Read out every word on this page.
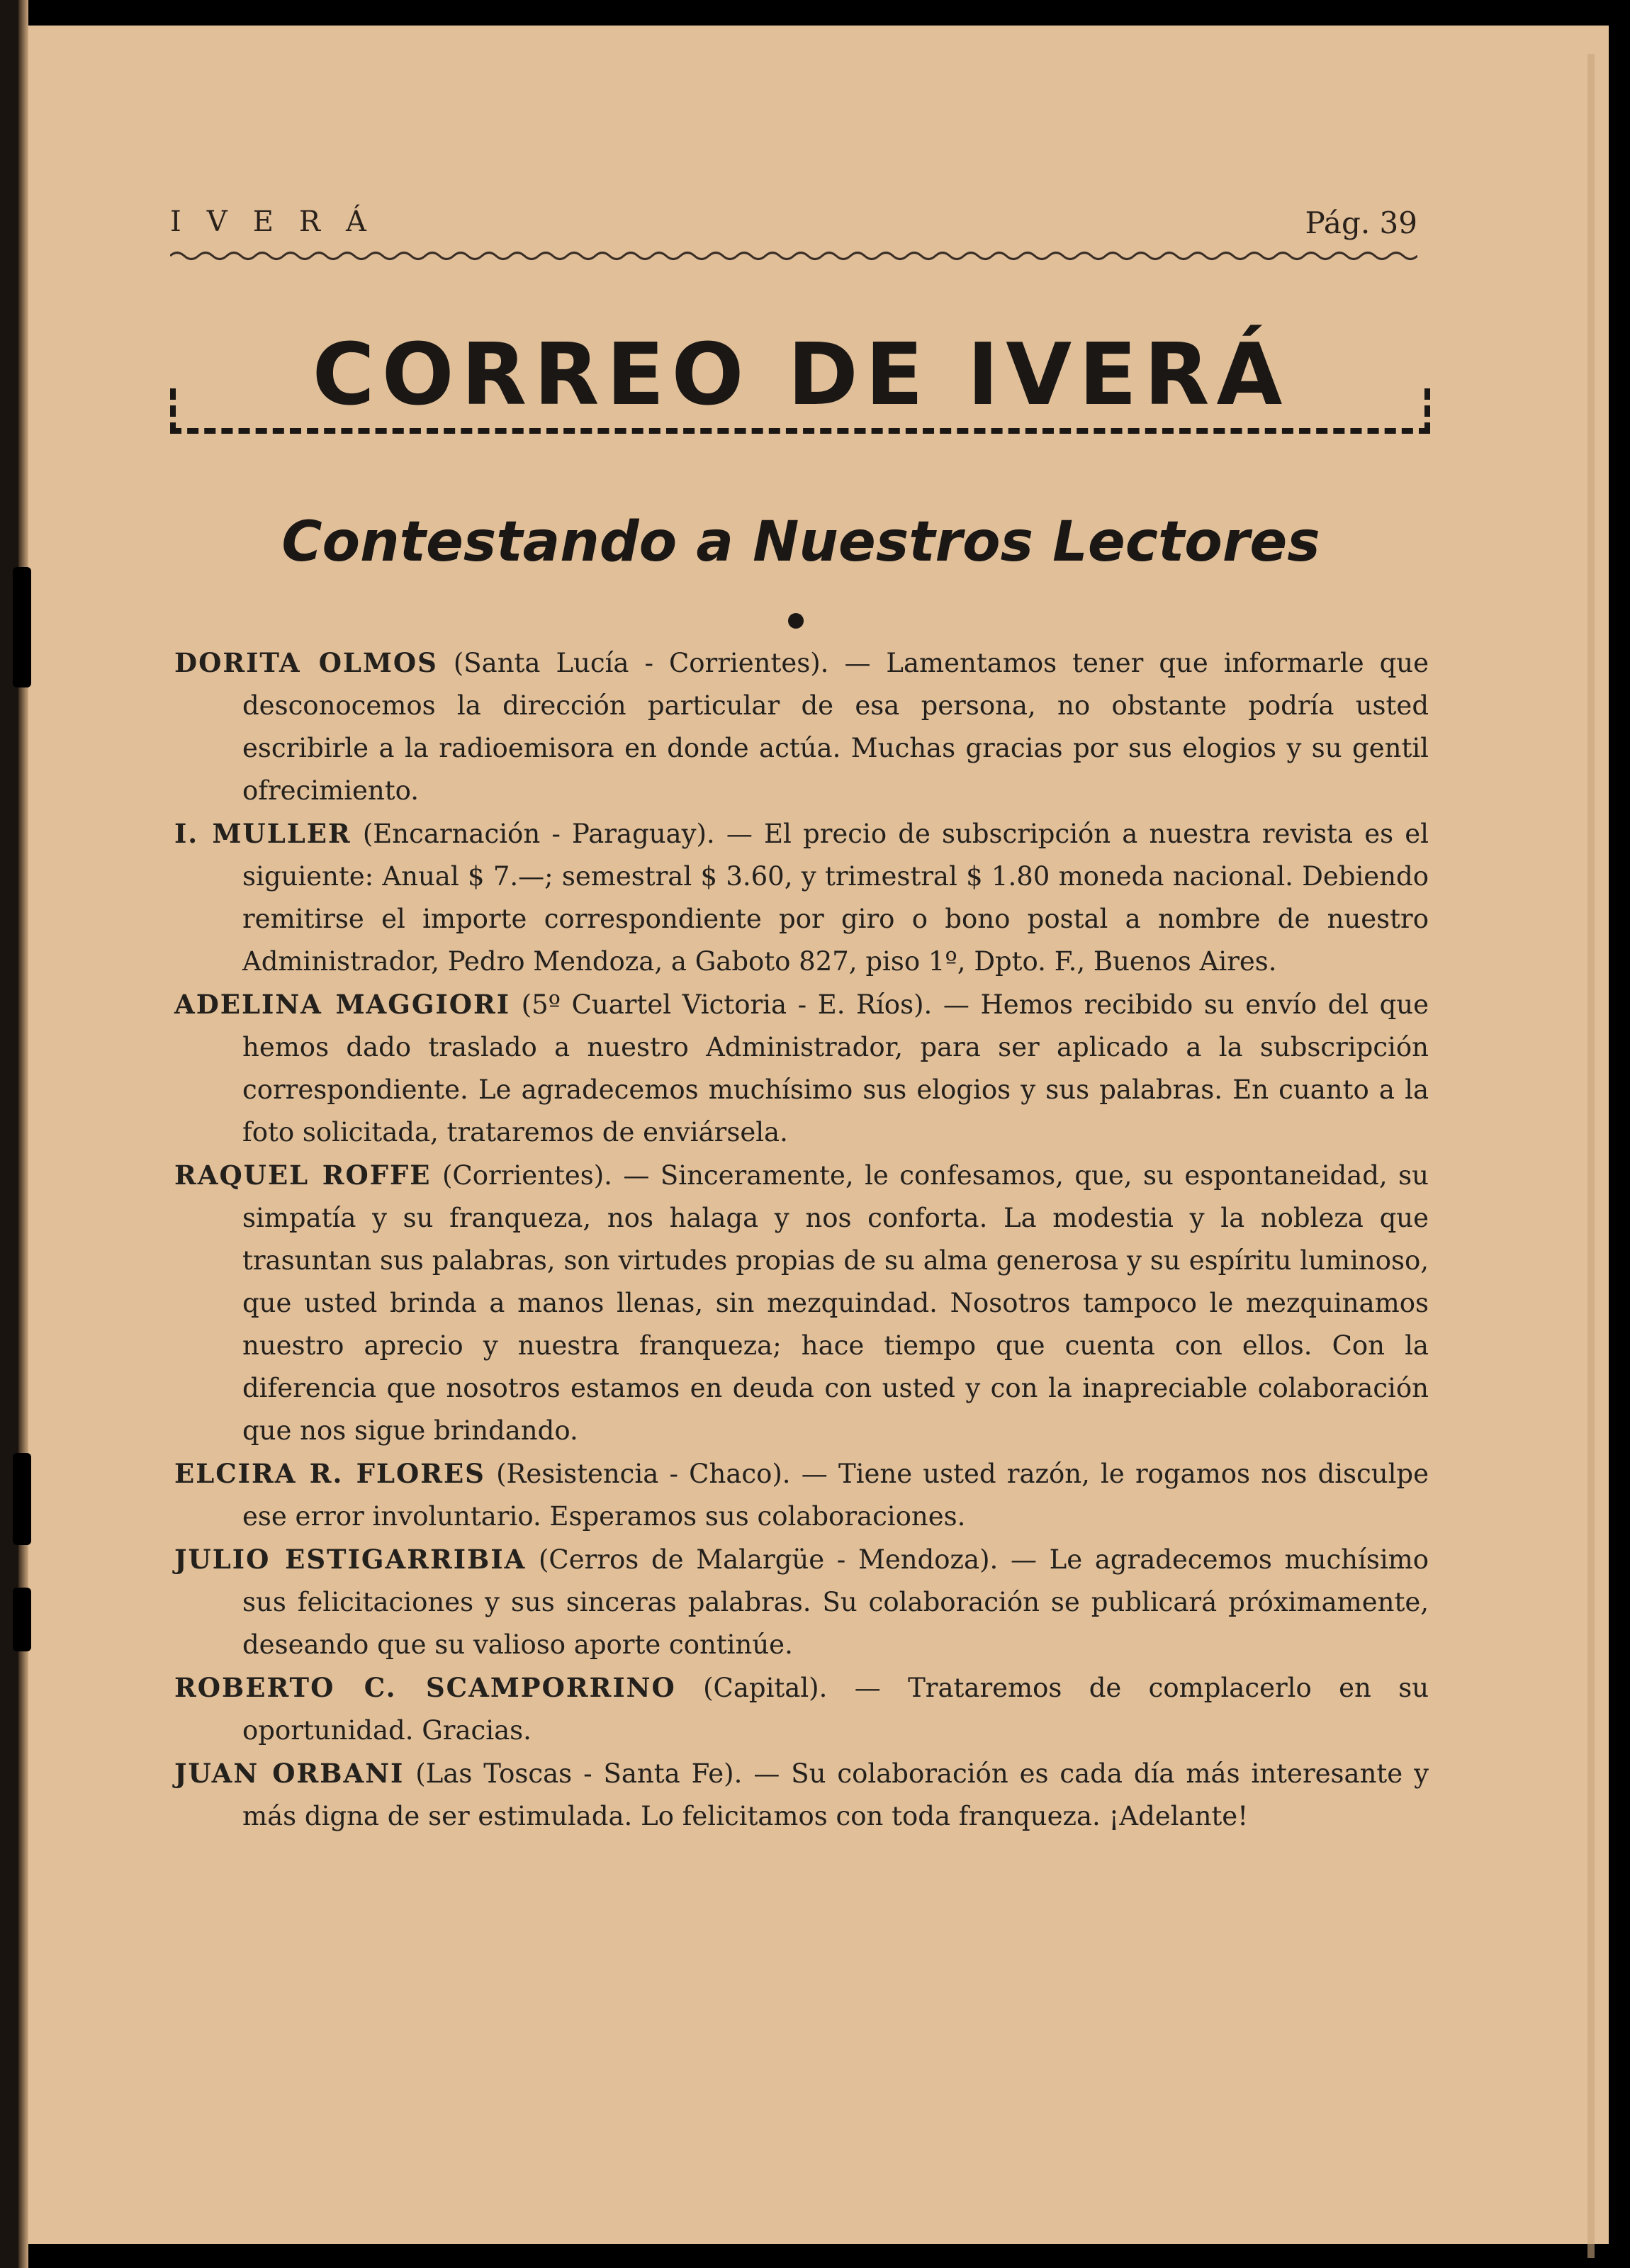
IVERÁ	Pág. 39
CORREO DE IVERÁ
Contestando a Nuestros Lectores

DORITA OLMOS (Santa Lucía - Corrientes). — Lamentamos tener que informarle que desconocemos la dirección particular de esa persona, no obstante podría usted escribirle a la radioemisora en donde actúa. Muchas gracias por sus elogios y su gentil ofrecimiento.

I. MULLER (Encarnación - Paraguay). — El precio de subscripción a nuestra revista es el siguiente: Anual $ 7.—; semestral $ 3.60, y trimestral $ 1.80 moneda nacional. Debiendo remitirse el importe correspondiente por giro o bono postal a nombre de nuestro Administrador, Pedro Mendoza, a Gaboto 827, piso 1º, Dpto. F., Buenos Aires.

ADELINA MAGGIORI (5º Cuartel Victoria - E. Ríos). — Hemos recibido su envío del que hemos dado traslado a nuestro Administrador, para ser aplicado a la subscripción correspondiente. Le agradecemos muchísimo sus elogios y sus palabras. En cuanto a la foto solicitada, trataremos de enviársela.

RAQUEL ROFFE (Corrientes). — Sinceramente, le confesamos, que, su espontaneidad, su simpatía y su franqueza, nos halaga y nos conforta. La modestia y la nobleza que trasuntan sus palabras, son virtudes propias de su alma generosa y su espíritu luminoso, que usted brinda a manos llenas, sin mezquindad. Nosotros tampoco le mezquinamos nuestro aprecio y nuestra franqueza; hace tiempo que cuenta con ellos. Con la diferencia que nosotros estamos en deuda con usted y con la inapreciable colaboración que nos sigue brindando.

ELCIRA R. FLORES (Resistencia - Chaco). — Tiene usted razón, le rogamos nos disculpe ese error involuntario. Esperamos sus colaboraciones.

JULIO ESTIGARRIBIA (Cerros de Malargüe - Mendoza). — Le agradecemos muchísimo sus felicitaciones y sus sinceras palabras. Su colaboración se publicará próximamente, deseando que su valioso aporte continúe.

ROBERTO C. SCAMPORRINO (Capital). — Trataremos de complacerlo en su oportunidad. Gracias.

JUAN ORBANI (Las Toscas - Santa Fe). — Su colaboración es cada día más interesante y más digna de ser estimulada. Lo felicitamos con toda franqueza. ¡Adelante!
